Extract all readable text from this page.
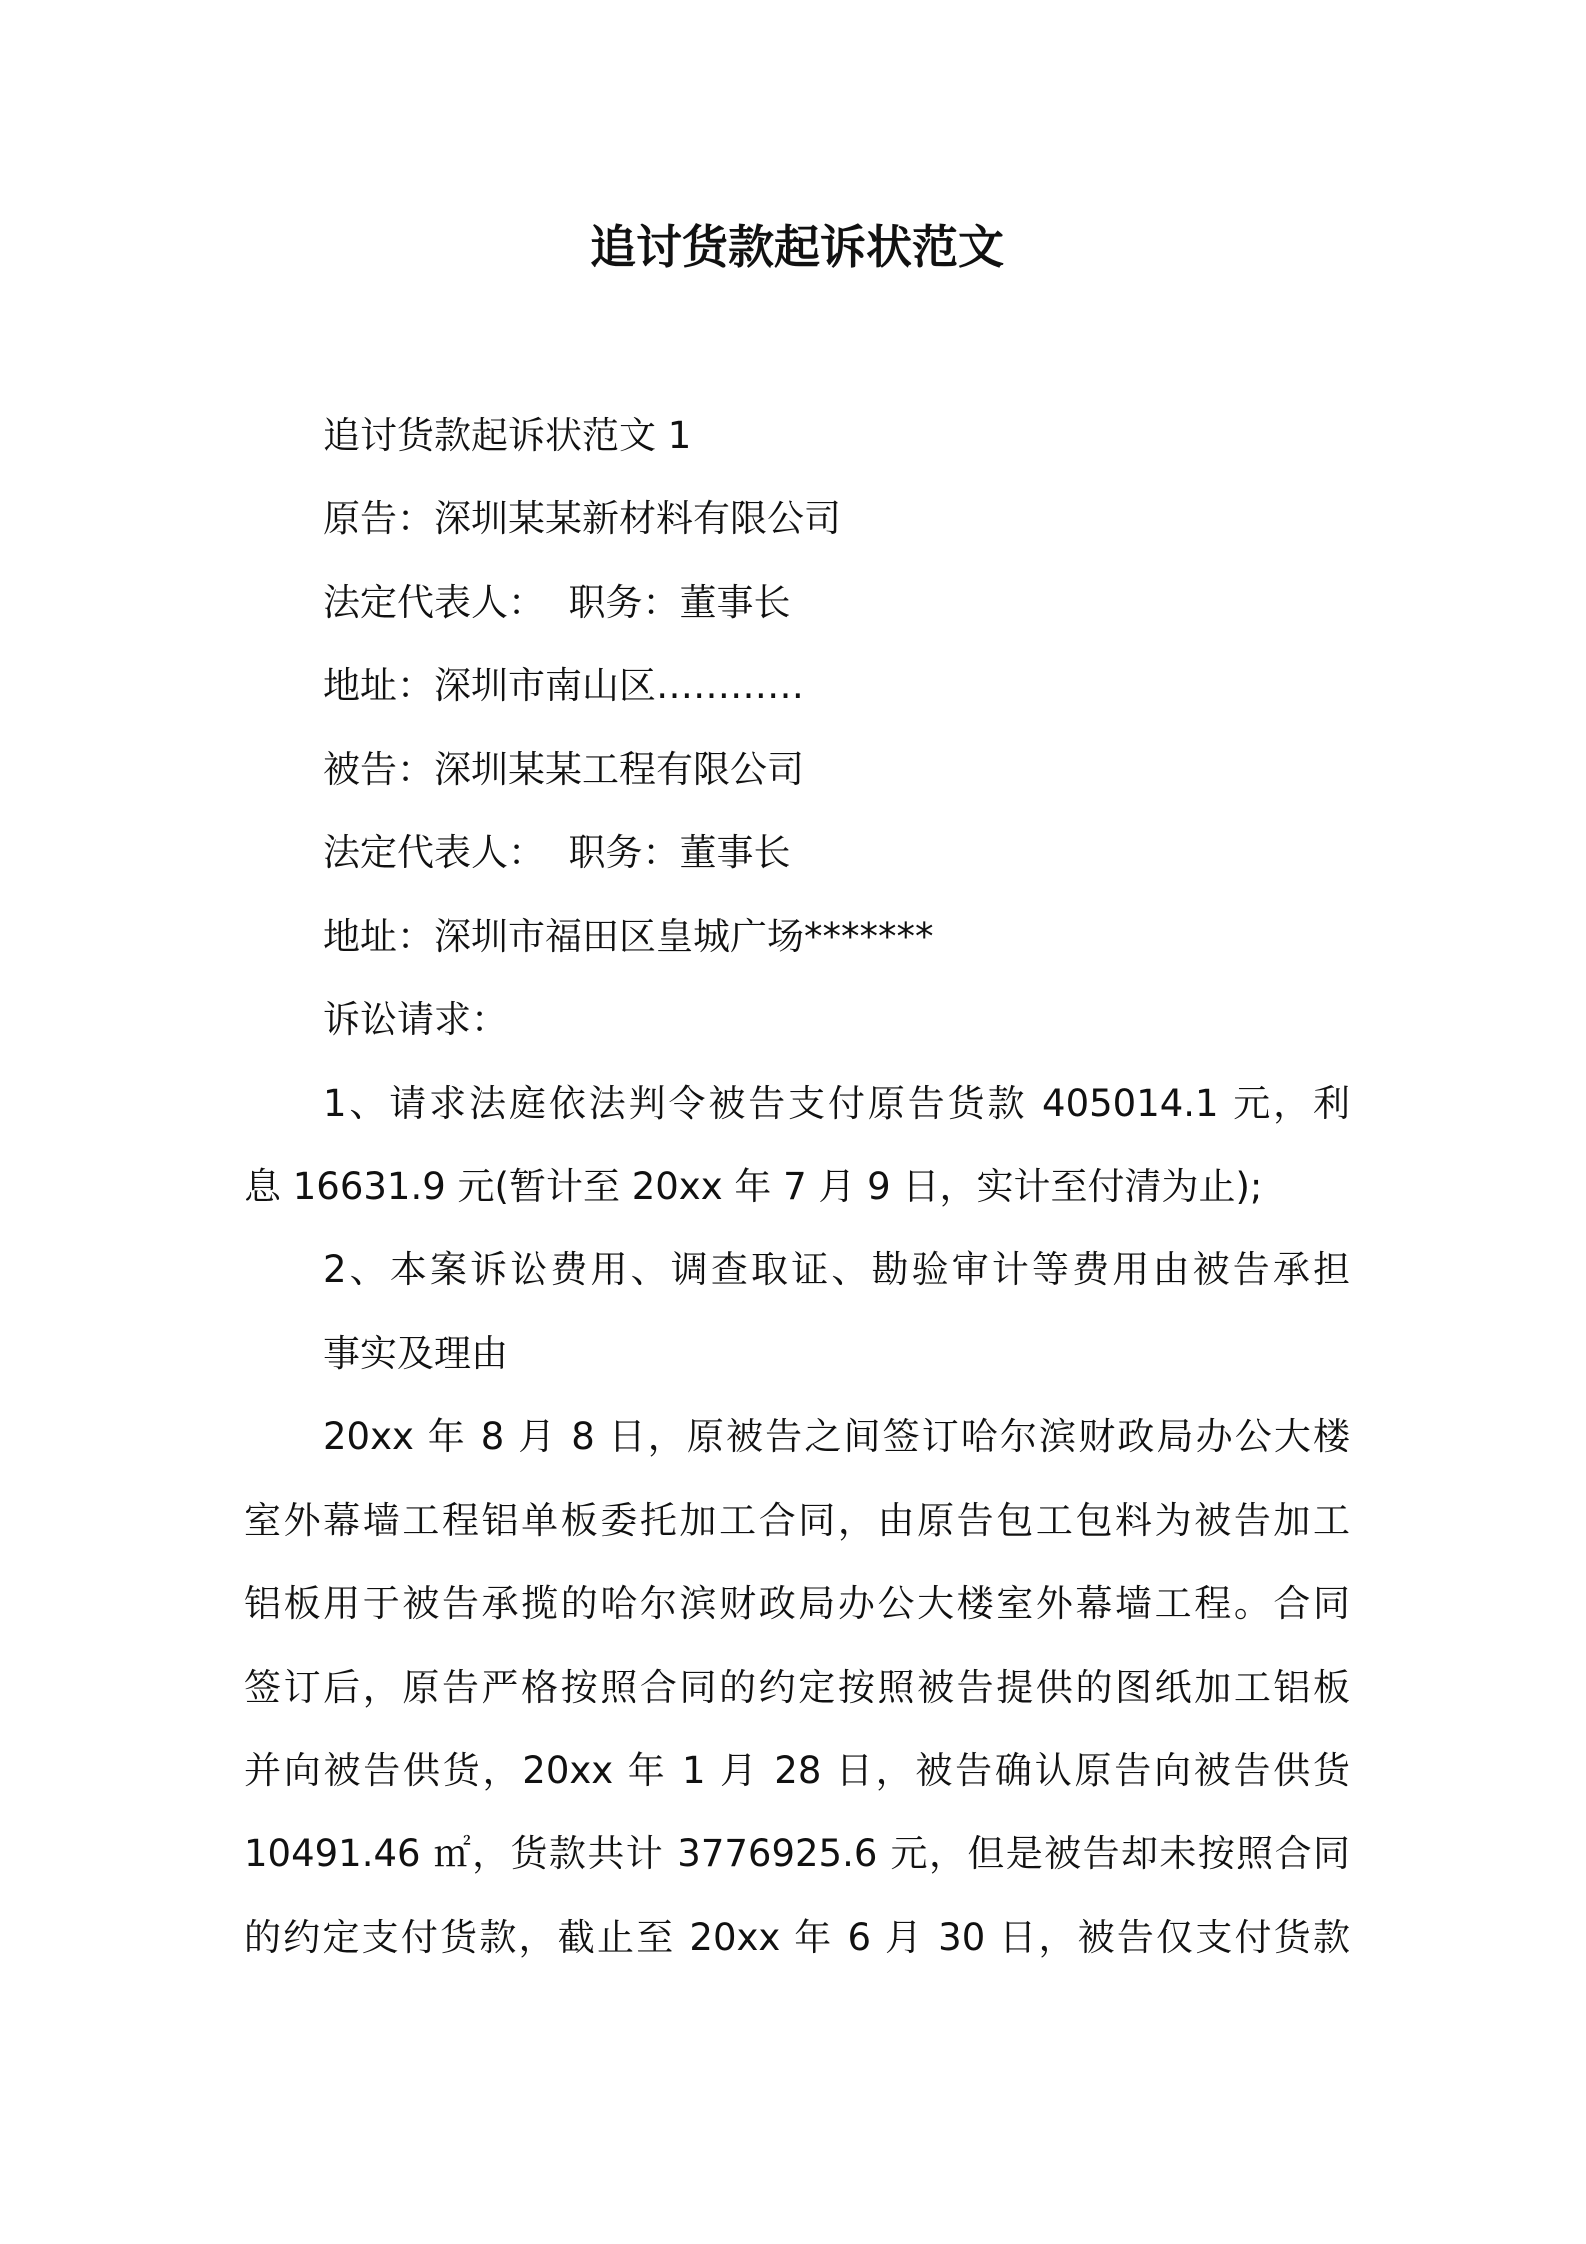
追讨货款起诉状范文

追讨货款起诉状范文 1

原告：深圳某某新材料有限公司

法定代表人：  职务：董事长

地址：深圳市南山区…………

被告：深圳某某工程有限公司

法定代表人：  职务：董事长

地址：深圳市福田区皇城广场*******

诉讼请求：

1、请求法庭依法判令被告支付原告货款 405014.1 元，利

息 16631.9 元(暂计至 20xx 年 7 月 9 日，实计至付清为止);

2、本案诉讼费用、调查取证、勘验审计等费用由被告承担

事实及理由

20xx 年 8 月 8 日，原被告之间签订哈尔滨财政局办公大楼

室外幕墙工程铝单板委托加工合同，由原告包工包料为被告加工

铝板用于被告承揽的哈尔滨财政局办公大楼室外幕墙工程。合同

签订后，原告严格按照合同的约定按照被告提供的图纸加工铝板

并向被告供货，20xx 年 1 月 28 日，被告确认原告向被告供货

10491.46 ㎡，货款共计 3776925.6 元，但是被告却未按照合同

的约定支付货款，截止至 20xx 年 6 月 30 日，被告仅支付货款
